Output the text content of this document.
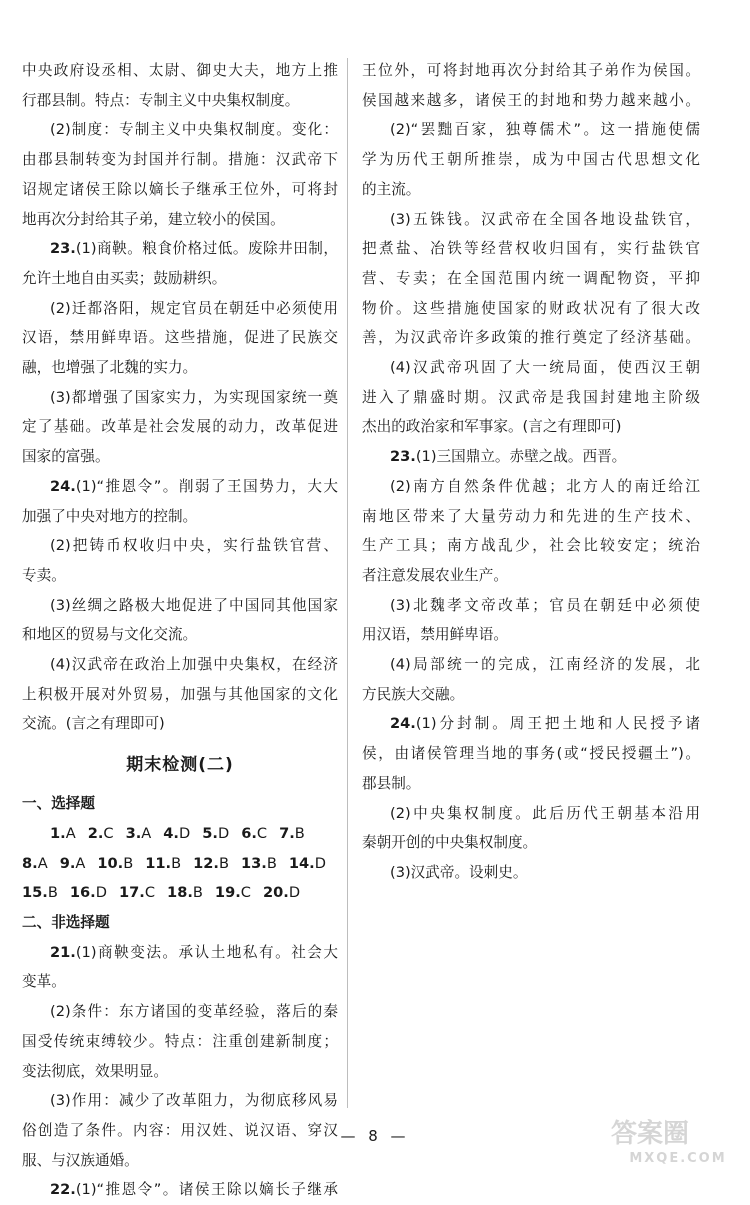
中央政府设丞相、太尉、御史大夫，地方上推
行郡县制。特点：专制主义中央集权制度。
(2)制度：专制主义中央集权制度。变化：
由郡县制转变为封国并行制。措施：汉武帝下
诏规定诸侯王除以嫡长子继承王位外，可将封
地再次分封给其子弟，建立较小的侯国。
23.(1)商鞅。粮食价格过低。废除井田制，
允许土地自由买卖；鼓励耕织。
(2)迁都洛阳，规定官员在朝廷中必须使用
汉语，禁用鲜卑语。这些措施，促进了民族交
融，也增强了北魏的实力。
(3)都增强了国家实力，为实现国家统一奠
定了基础。改革是社会发展的动力，改革促进
国家的富强。
24.(1)“推恩令”。削弱了王国势力，大大
加强了中央对地方的控制。
(2)把铸币权收归中央，实行盐铁官营、
专卖。
(3)丝绸之路极大地促进了中国同其他国家
和地区的贸易与文化交流。
(4)汉武帝在政治上加强中央集权，在经济
上积极开展对外贸易，加强与其他国家的文化
交流。(言之有理即可)
期末检测(二)
一、选择题
1.A 2.C 3.A 4.D 5.D 6.C 7.B
8.A 9.A 10.B 11.B 12.B 13.B 14.D
15.B 16.D 17.C 18.B 19.C 20.D
二、非选择题
21.(1)商鞅变法。承认土地私有。社会大
变革。
(2)条件：东方诸国的变革经验，落后的秦
国受传统束缚较少。特点：注重创建新制度；
变法彻底，效果明显。
(3)作用：减少了改革阻力，为彻底移风易
俗创造了条件。内容：用汉姓、说汉语、穿汉
服、与汉族通婚。
22.(1)“推恩令”。诸侯王除以嫡长子继承
王位外，可将封地再次分封给其子弟作为侯国。
侯国越来越多，诸侯王的封地和势力越来越小。
(2)“罢黜百家，独尊儒术”。这一措施使儒
学为历代王朝所推崇，成为中国古代思想文化
的主流。
(3)五铢钱。汉武帝在全国各地设盐铁官，
把煮盐、冶铁等经营权收归国有，实行盐铁官
营、专卖；在全国范围内统一调配物资，平抑
物价。这些措施使国家的财政状况有了很大改
善，为汉武帝许多政策的推行奠定了经济基础。
(4)汉武帝巩固了大一统局面，使西汉王朝
进入了鼎盛时期。汉武帝是我国封建地主阶级
杰出的政治家和军事家。(言之有理即可)
23.(1)三国鼎立。赤壁之战。西晋。
(2)南方自然条件优越；北方人的南迁给江
南地区带来了大量劳动力和先进的生产技术、
生产工具；南方战乱少，社会比较安定；统治
者注意发展农业生产。
(3)北魏孝文帝改革；官员在朝廷中必须使
用汉语，禁用鲜卑语。
(4)局部统一的完成，江南经济的发展，北
方民族大交融。
24.(1)分封制。周王把土地和人民授予诸
侯，由诸侯管理当地的事务(或“授民授疆土”)。
郡县制。
(2)中央集权制度。此后历代王朝基本沿用
秦朝开创的中央集权制度。
(3)汉武帝。设刺史。
— 8 —	答案圈
MXQE.COM
